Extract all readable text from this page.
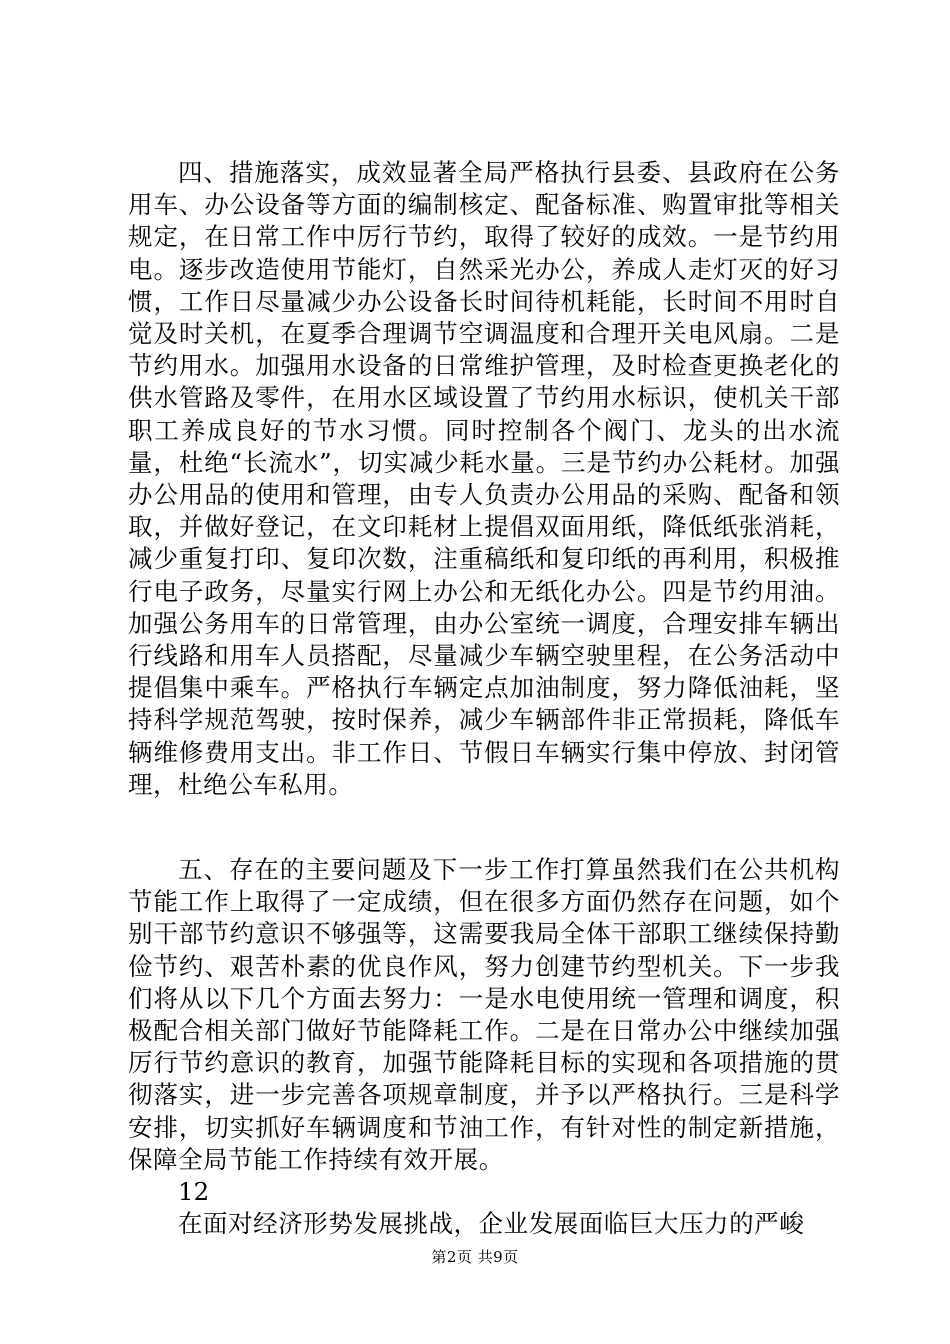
四、措施落实，成效显著全局严格执行县委、县政府在公务用车、办公设备等方面的编制核定、配备标准、购置审批等相关规定，在日常工作中厉行节约，取得了较好的成效。一是节约用电。逐步改造使用节能灯，自然采光办公，养成人走灯灭的好习惯，工作日尽量减少办公设备长时间待机耗能，长时间不用时自觉及时关机，在夏季合理调节空调温度和合理开关电风扇。二是节约用水。加强用水设备的日常维护管理，及时检查更换老化的供水管路及零件，在用水区域设置了节约用水标识，使机关干部职工养成良好的节水习惯。同时控制各个阀门、龙头的出水流量，杜绝“长流水”，切实减少耗水量。三是节约办公耗材。加强办公用品的使用和管理，由专人负责办公用品的采购、配备和领取，并做好登记，在文印耗材上提倡双面用纸，降低纸张消耗，减少重复打印、复印次数，注重稿纸和复印纸的再利用，积极推行电子政务，尽量实行网上办公和无纸化办公。四是节约用油。加强公务用车的日常管理，由办公室统一调度，合理安排车辆出行线路和用车人员搭配，尽量减少车辆空驶里程，在公务活动中提倡集中乘车。严格执行车辆定点加油制度，努力降低油耗，坚持科学规范驾驶，按时保养，减少车辆部件非正常损耗，降低车辆维修费用支出。非工作日、节假日车辆实行集中停放、封闭管理，杜绝公车私用。

五、存在的主要问题及下一步工作打算虽然我们在公共机构节能工作上取得了一定成绩，但在很多方面仍然存在问题，如个别干部节约意识不够强等，这需要我局全体干部职工继续保持勤俭节约、艰苦朴素的优良作风，努力创建节约型机关。下一步我们将从以下几个方面去努力：一是水电使用统一管理和调度，积极配合相关部门做好节能降耗工作。二是在日常办公中继续加强厉行节约意识的教育，加强节能降耗目标的实现和各项措施的贯彻落实，进一步完善各项规章制度，并予以严格执行。三是科学安排，切实抓好车辆调度和节油工作，有针对性的制定新措施，保障全局节能工作持续有效开展。

12

在面对经济形势发展挑战，企业发展面临巨大压力的严峻

第2页 共9页
